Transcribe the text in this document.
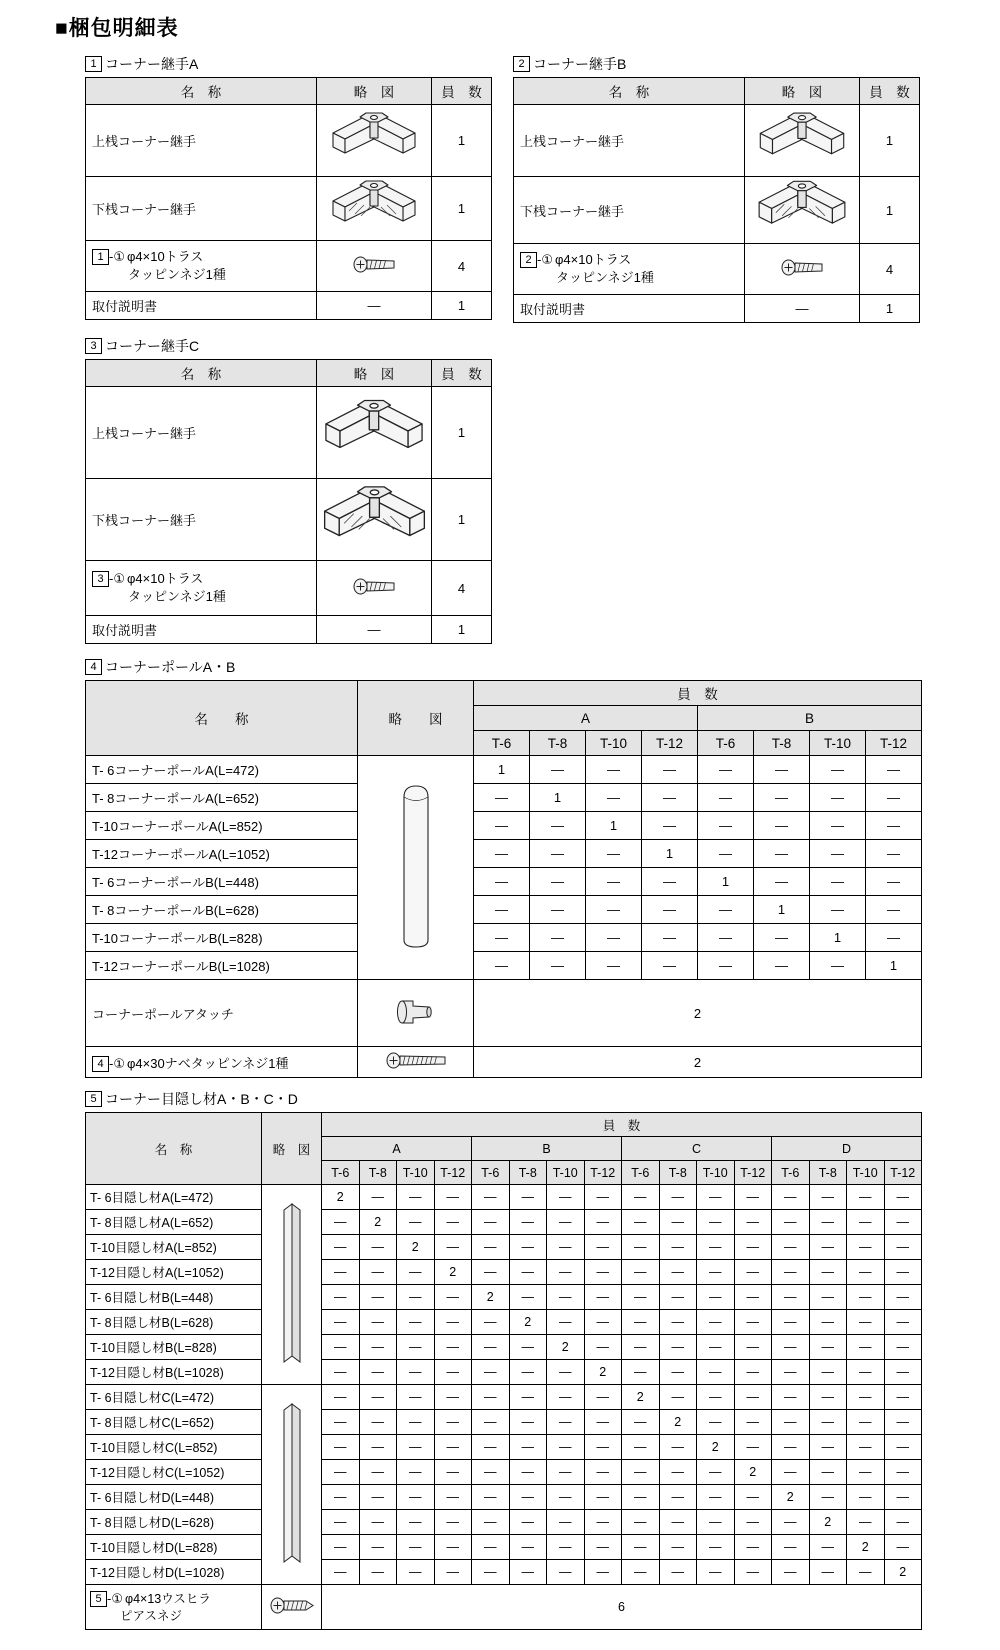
■梱包明細表
1 コーナー継手A
名　称	略　図	員　数
上桟コーナー継手		1
下桟コーナー継手		1

1 -① φ4×10トラス
タッピンネジ1種		4
取付説明書	—	1
2 コーナー継手B
名　称	略　図	員　数
上桟コーナー継手		1
下桟コーナー継手		1

2 -① φ4×10トラス
タッピンネジ1種		4
取付説明書	—	1
3 コーナー継手C
名　称	略　図	員　数
上桟コーナー継手		1
下桟コーナー継手		1

3 -① φ4×10トラス
タッピンネジ1種		4
取付説明書	—	1
4 コーナーポールA・B
名　　称	略　　図	員　数							
		A				B			
		T-6	T-8	T-10	T-12	T-6	T-8	T-10	T-12
T- 6コーナーポールA(L=472)		1	—	—	—	—	—	—	—
T- 8コーナーポールA(L=652)		—	1	—	—	—	—	—	—
T-10コーナーポールA(L=852)		—	—	1	—	—	—	—	—
T-12コーナーポールA(L=1052)		—	—	—	1	—	—	—	—
T- 6コーナーポールB(L=448)		—	—	—	—	1	—	—	—
T- 8コーナーポールB(L=628)		—	—	—	—	—	1	—	—
T-10コーナーポールB(L=828)		—	—	—	—	—	—	1	—
T-12コーナーポールB(L=1028)		—	—	—	—	—	—	—	1
コーナーポールアタッチ		2							
4 -① φ4×30ナベタッピンネジ1種		2							
5 コーナー目隠し材A・B・C・D
名　称	略　図	員　数															
		A				B				C				D			
		T-6	T-8	T-10	T-12	T-6	T-8	T-10	T-12	T-6	T-8	T-10	T-12	T-6	T-8	T-10	T-12
T- 6目隠し材A(L=472)		2	—	—	—	—	—	—	—	—	—	—	—	—	—	—	—
T- 8目隠し材A(L=652)		—	2	—	—	—	—	—	—	—	—	—	—	—	—	—	—
T-10目隠し材A(L=852)		—	—	2	—	—	—	—	—	—	—	—	—	—	—	—	—
T-12目隠し材A(L=1052)		—	—	—	2	—	—	—	—	—	—	—	—	—	—	—	—
T- 6目隠し材B(L=448)		—	—	—	—	2	—	—	—	—	—	—	—	—	—	—	—
T- 8目隠し材B(L=628)		—	—	—	—	—	2	—	—	—	—	—	—	—	—	—	—
T-10目隠し材B(L=828)		—	—	—	—	—	—	2	—	—	—	—	—	—	—	—	—
T-12目隠し材B(L=1028)		—	—	—	—	—	—	—	2	—	—	—	—	—	—	—	—
T- 6目隠し材C(L=472)		—	—	—	—	—	—	—	—	2	—	—	—	—	—	—	—
T- 8目隠し材C(L=652)		—	—	—	—	—	—	—	—	—	2	—	—	—	—	—	—
T-10目隠し材C(L=852)		—	—	—	—	—	—	—	—	—	—	2	—	—	—	—	—
T-12目隠し材C(L=1052)		—	—	—	—	—	—	—	—	—	—	—	2	—	—	—	—
T- 6目隠し材D(L=448)		—	—	—	—	—	—	—	—	—	—	—	—	2	—	—	—
T- 8目隠し材D(L=628)		—	—	—	—	—	—	—	—	—	—	—	—	—	2	—	—
T-10目隠し材D(L=828)		—	—	—	—	—	—	—	—	—	—	—	—	—	—	2	—
T-12目隠し材D(L=1028)		—	—	—	—	—	—	—	—	—	—	—	—	—	—	—	2

5 -① φ4×13ウスヒラ
ピアスネジ		6															
